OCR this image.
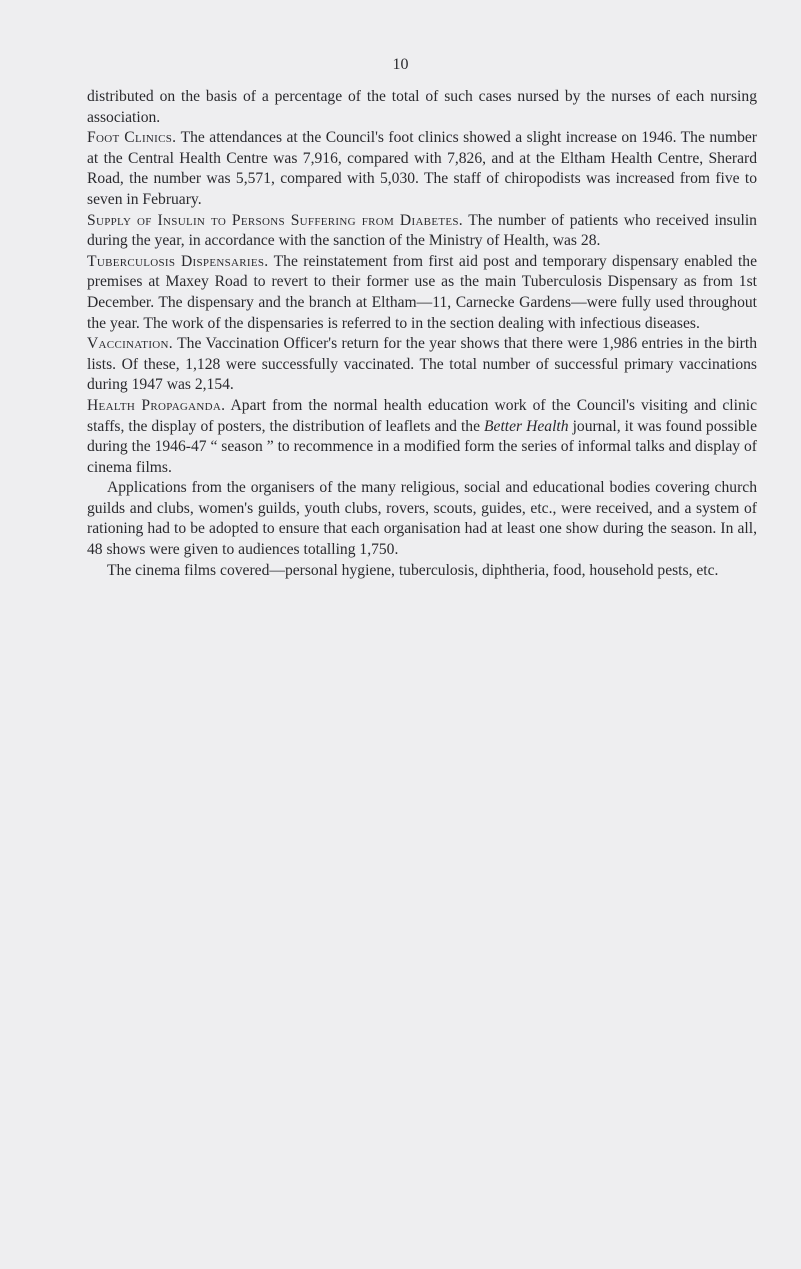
10

distributed on the basis of a percentage of the total of such cases nursed by the nurses of each nursing association.

Foot Clinics. The attendances at the Council's foot clinics showed a slight increase on 1946. The number at the Central Health Centre was 7,916, compared with 7,826, and at the Eltham Health Centre, Sherard Road, the number was 5,571, compared with 5,030. The staff of chiropodists was increased from five to seven in February.

Supply of Insulin to Persons Suffering from Diabetes. The number of patients who received insulin during the year, in accordance with the sanction of the Ministry of Health, was 28.

Tuberculosis Dispensaries. The reinstatement from first aid post and temporary dispensary enabled the premises at Maxey Road to revert to their former use as the main Tuberculosis Dispensary as from 1st December. The dispensary and the branch at Eltham—11, Carnecke Gardens—were fully used throughout the year. The work of the dispensaries is referred to in the section dealing with infectious diseases.

Vaccination. The Vaccination Officer's return for the year shows that there were 1,986 entries in the birth lists. Of these, 1,128 were successfully vaccinated. The total number of successful primary vaccinations during 1947 was 2,154.

Health Propaganda. Apart from the normal health education work of the Council's visiting and clinic staffs, the display of posters, the distribution of leaflets and the Better Health journal, it was found possible during the 1946-47 “ season ” to recommence in a modified form the series of informal talks and display of cinema films.

Applications from the organisers of the many religious, social and educational bodies covering church guilds and clubs, women's guilds, youth clubs, rovers, scouts, guides, etc., were received, and a system of rationing had to be adopted to ensure that each organisation had at least one show during the season. In all, 48 shows were given to audiences totalling 1,750.

The cinema films covered—personal hygiene, tuberculosis, diphtheria, food, household pests, etc.
